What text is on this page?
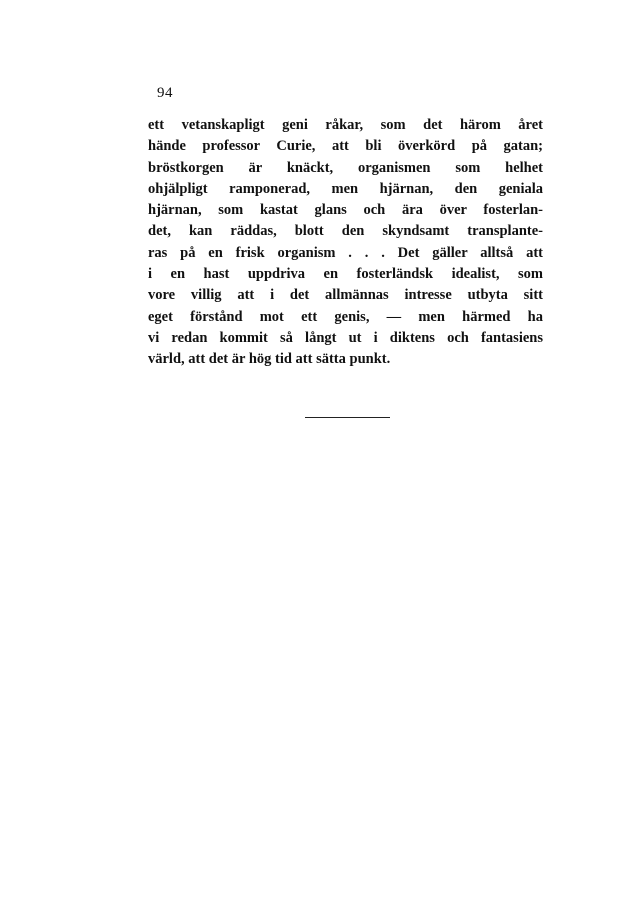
94
ett vetanskapligt geni råkar, som det härom året
hände professor Curie, att bli överkörd på gatan;
bröstkorgen är knäckt, organismen som helhet
ohjälpligt ramponerad, men hjärnan, den geniala
hjärnan, som kastat glans och ära över fosterlan-
det, kan räddas, blott den skyndsamt transplante-
ras på en frisk organism . . . Det gäller alltså att
i en hast uppdriva en fosterländsk idealist, som
vore villig att i det allmännas intresse utbyta sitt
eget förstånd mot ett genis, — men härmed ha
vi redan kommit så långt ut i diktens och fantasiens
värld, att det är hög tid att sätta punkt.
